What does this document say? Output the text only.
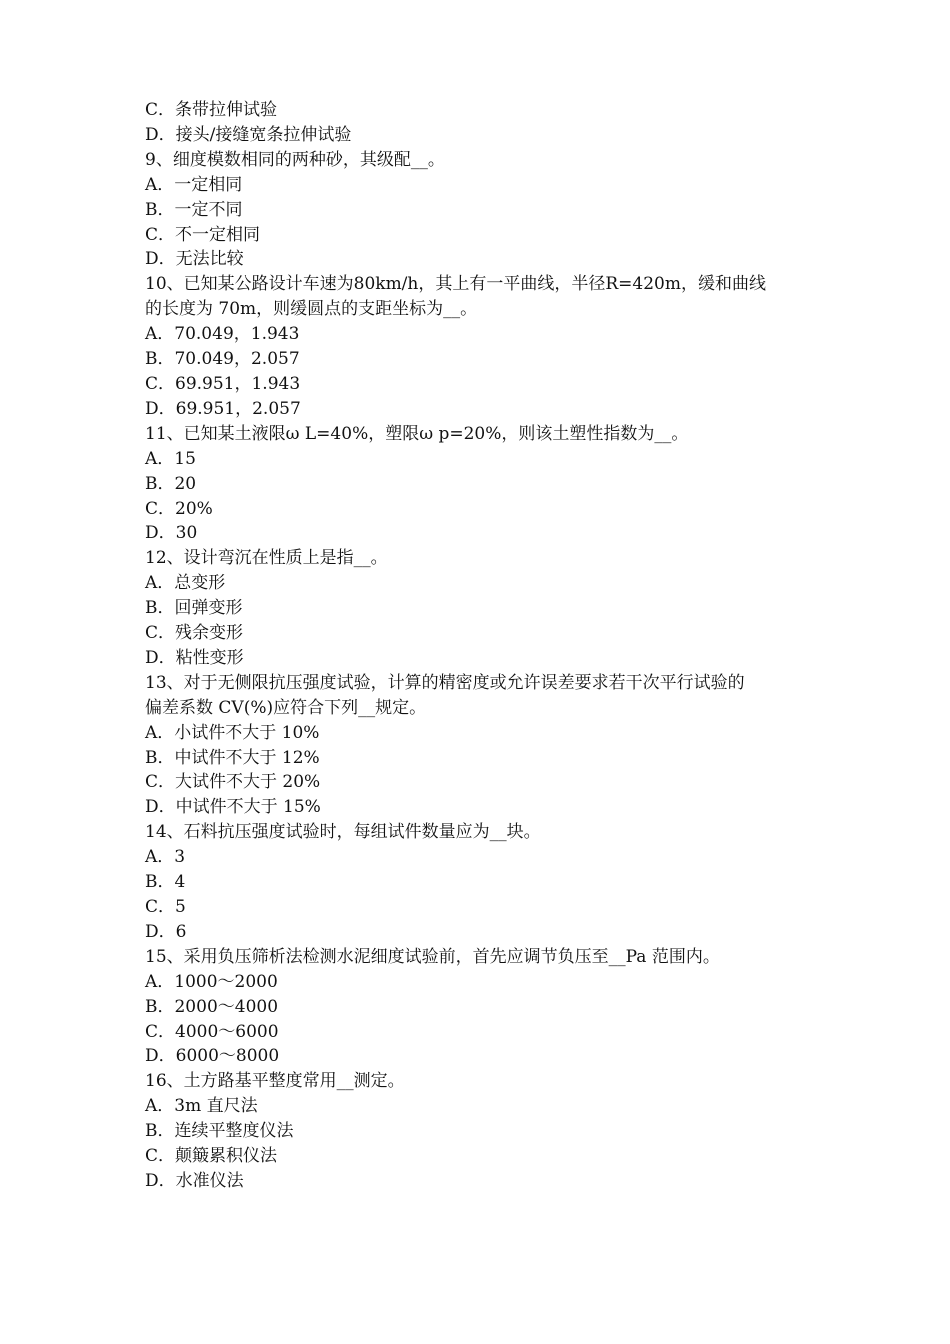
C．条带拉伸试验
D．接头/接缝宽条拉伸试验
9、细度模数相同的两种砂，其级配__。
A．一定相同
B．一定不同
C．不一定相同
D．无法比较
10、已知某公路设计车速为80km/h，其上有一平曲线，半径R=420m，缓和曲线
的长度为 70m，则缓圆点的支距坐标为__。
A．70.049，1.943
B．70.049，2.057
C．69.951，1.943
D．69.951，2.057
11、已知某土液限ω L=40%，塑限ω p=20%，则该土塑性指数为__。
A．15
B．20
C．20%
D．30
12、设计弯沉在性质上是指__。
A．总变形
B．回弹变形
C．残余变形
D．粘性变形
13、对于无侧限抗压强度试验，计算的精密度或允许误差要求若干次平行试验的
偏差系数 CV(%)应符合下列__规定。
A．小试件不大于 10%
B．中试件不大于 12%
C．大试件不大于 20%
D．中试件不大于 15%
14、石料抗压强度试验时，每组试件数量应为__块。
A．3
B．4
C．5
D．6
15、采用负压筛析法检测水泥细度试验前，首先应调节负压至__Pa 范围内。
A．1000～2000
B．2000～4000
C．4000～6000
D．6000～8000
16、土方路基平整度常用__测定。
A．3m 直尺法
B．连续平整度仪法
C．颠簸累积仪法
D．水准仪法
